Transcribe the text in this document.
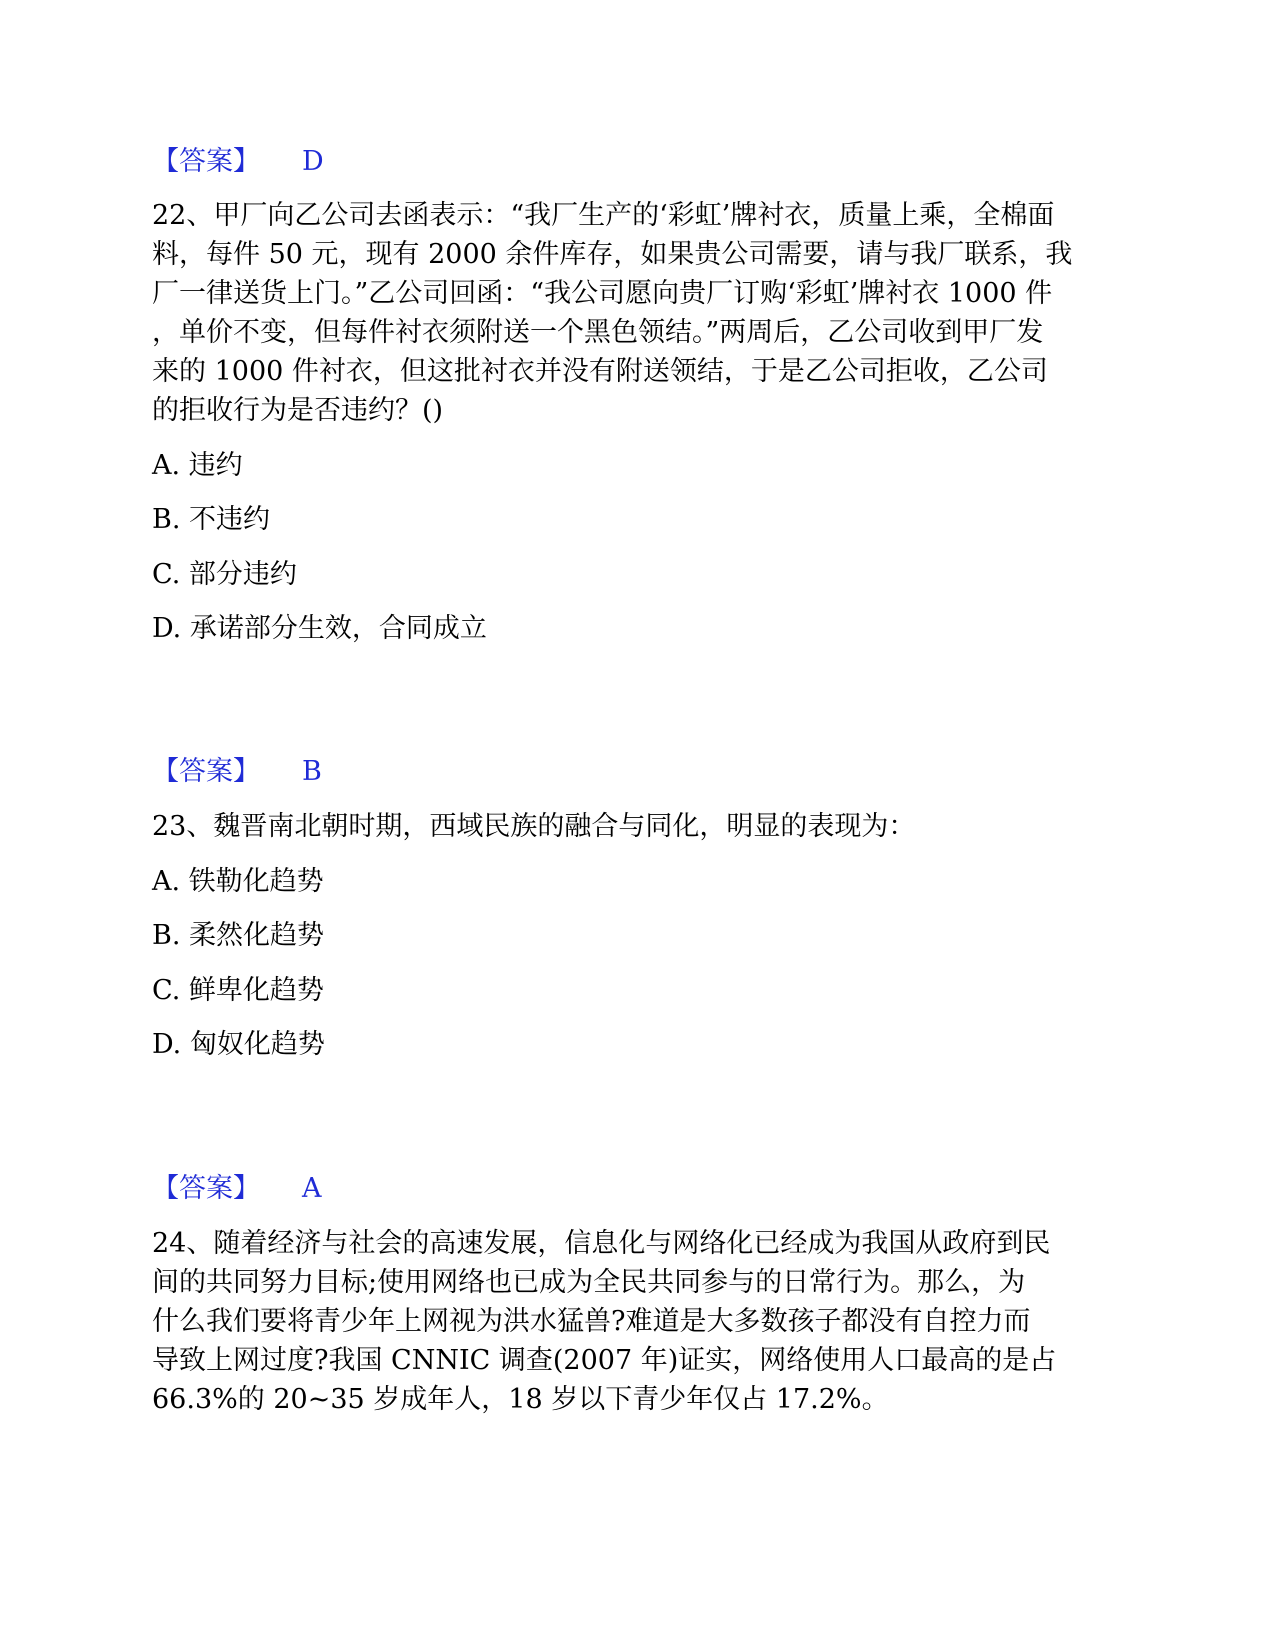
【答案】 D
22、甲厂向乙公司去函表示：“我厂生产的‘彩虹’牌衬衣，质量上乘，全棉面
料，每件 50 元，现有 2000 余件库存，如果贵公司需要，请与我厂联系，我
厂一律送货上门。”乙公司回函：“我公司愿向贵厂订购‘彩虹’牌衬衣 1000 件
，单价不变，但每件衬衣须附送一个黑色领结。”两周后，乙公司收到甲厂发
来的 1000 件衬衣，但这批衬衣并没有附送领结，于是乙公司拒收，乙公司
的拒收行为是否违约？()
A. 违约
B. 不违约
C. 部分违约
D. 承诺部分生效，合同成立
【答案】 B
23、魏晋南北朝时期，西域民族的融合与同化，明显的表现为：
A. 铁勒化趋势
B. 柔然化趋势
C. 鲜卑化趋势
D. 匈奴化趋势
【答案】 A
24、随着经济与社会的高速发展，信息化与网络化已经成为我国从政府到民
间的共同努力目标;使用网络也已成为全民共同参与的日常行为。那么，为
什么我们要将青少年上网视为洪水猛兽?难道是大多数孩子都没有自控力而
导致上网过度?我国 CNNIC 调查(2007 年)证实，网络使用人口最高的是占
66.3%的 20~35 岁成年人，18 岁以下青少年仅占 17.2%。
